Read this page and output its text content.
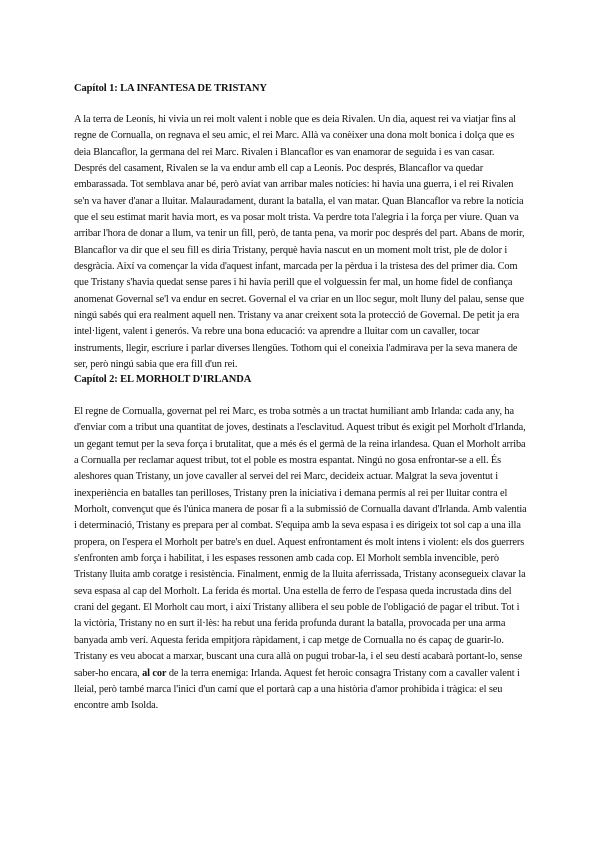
Capítol 1: LA INFANTESA DE TRISTANY

A la terra de Leonís, hi vivia un rei molt valent i noble que es deia Rivalen. Un dia, aquest rei va viatjar fins al regne de Cornualla, on regnava el seu amic, el rei Marc. Allà va conèixer una dona molt bonica i dolça que es deia Blancaflor, la germana del rei Marc. Rivalen i Blancaflor es van enamorar de seguida i es van casar. Després del casament, Rivalen se la va endur amb ell cap a Leonís. Poc després, Blancaflor va quedar embarassada. Tot semblava anar bé, però aviat van arribar males notícies: hi havia una guerra, i el rei Rivalen se'n va haver d'anar a lluitar. Malauradament, durant la batalla, el van matar. Quan Blancaflor va rebre la notícia que el seu estimat marit havia mort, es va posar molt trista. Va perdre tota l'alegria i la força per viure. Quan va arribar l'hora de donar a llum, va tenir un fill, però, de tanta pena, va morir poc després del part. Abans de morir, Blancaflor va dir que el seu fill es diria Tristany, perquè havia nascut en un moment molt trist, ple de dolor i desgràcia. Així va començar la vida d'aquest infant, marcada per la pèrdua i la tristesa des del primer dia. Com que Tristany s'havia quedat sense pares i hi havia perill que el volguessin fer mal, un home fidel de confiança anomenat Governal se'l va endur en secret. Governal el va criar en un lloc segur, molt lluny del palau, sense que ningú sabés qui era realment aquell nen. Tristany va anar creixent sota la protecció de Governal. De petit ja era intel·ligent, valent i generós. Va rebre una bona educació: va aprendre a lluitar com un cavaller, tocar instruments, llegir, escriure i parlar diverses llengües. Tothom qui el coneixia l'admirava per la seva manera de ser, però ningú sabia que era fill d'un rei.

Capítol 2: EL MORHOLT D'IRLANDA

El regne de Cornualla, governat pel rei Marc, es troba sotmès a un tractat humiliant amb Irlanda: cada any, ha d'enviar com a tribut una quantitat de joves, destinats a l'esclavitud. Aquest tribut és exigit pel Morholt d'Irlanda, un gegant temut per la seva força i brutalitat, que a més és el germà de la reina irlandesa. Quan el Morholt arriba a Cornualla per reclamar aquest tribut, tot el poble es mostra espantat. Ningú no gosa enfrontar-se a ell. És aleshores quan Tristany, un jove cavaller al servei del rei Marc, decideix actuar. Malgrat la seva joventut i inexperiència en batalles tan perilloses, Tristany pren la iniciativa i demana permís al rei per lluitar contra el Morholt, convençut que és l'única manera de posar fi a la submissió de Cornualla davant d'Irlanda. Amb valentia i determinació, Tristany es prepara per al combat. S'equipa amb la seva espasa i es dirigeix tot sol cap a una illa propera, on l'espera el Morholt per batre's en duel. Aquest enfrontament és molt intens i violent: els dos guerrers s'enfronten amb força i habilitat, i les espases ressonen amb cada cop. El Morholt sembla invencible, però Tristany lluita amb coratge i resistència. Finalment, enmig de la lluita aferrissada, Tristany aconsegueix clavar la seva espasa al cap del Morholt. La ferida és mortal. Una estella de ferro de l'espasa queda incrustada dins del crani del gegant. El Morholt cau mort, i així Tristany allibera el seu poble de l'obligació de pagar el tribut. Tot i la victòria, Tristany no en surt il·lès: ha rebut una ferida profunda durant la batalla, provocada per una arma banyada amb verí. Aquesta ferida empitjora ràpidament, i cap metge de Cornualla no és capaç de guarir-lo. Tristany es veu abocat a marxar, buscant una cura allà on pugui trobar-la, i el seu destí acabarà portant-lo, sense saber-ho encara, al cor de la terra enemiga: Irlanda. Aquest fet heroic consagra Tristany com a cavaller valent i lleial, però també marca l'inici d'un camí que el portarà cap a una història d'amor prohibida i tràgica: el seu encontre amb Isolda.
